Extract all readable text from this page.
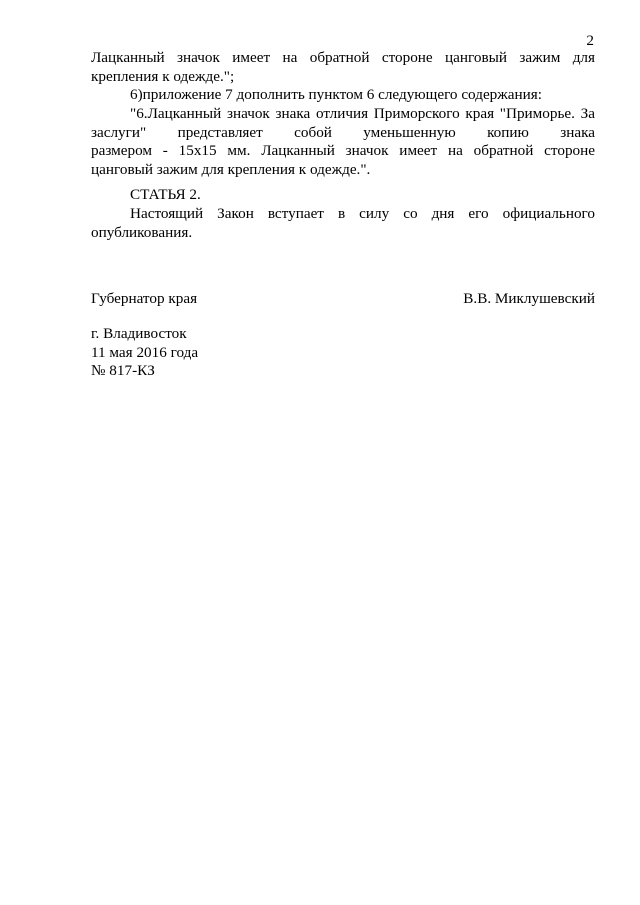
2
Лацканный значок имеет на обратной стороне цанговый зажим для
крепления к одежде.";
6)приложение 7 дополнить пунктом 6 следующего содержания:
"6.Лацканный значок знака отличия Приморского края "Приморье. За
заслуги" представляет собой уменьшенную копию знака
размером - 15x15 мм. Лацканный значок имеет на обратной стороне
цанговый зажим для крепления к одежде.".
СТАТЬЯ 2.
Настоящий Закон вступает в силу со дня его официального
опубликования.
Губернатор края	В.В. Миклушевский
г. Владивосток
11 мая 2016 года
№ 817-КЗ
